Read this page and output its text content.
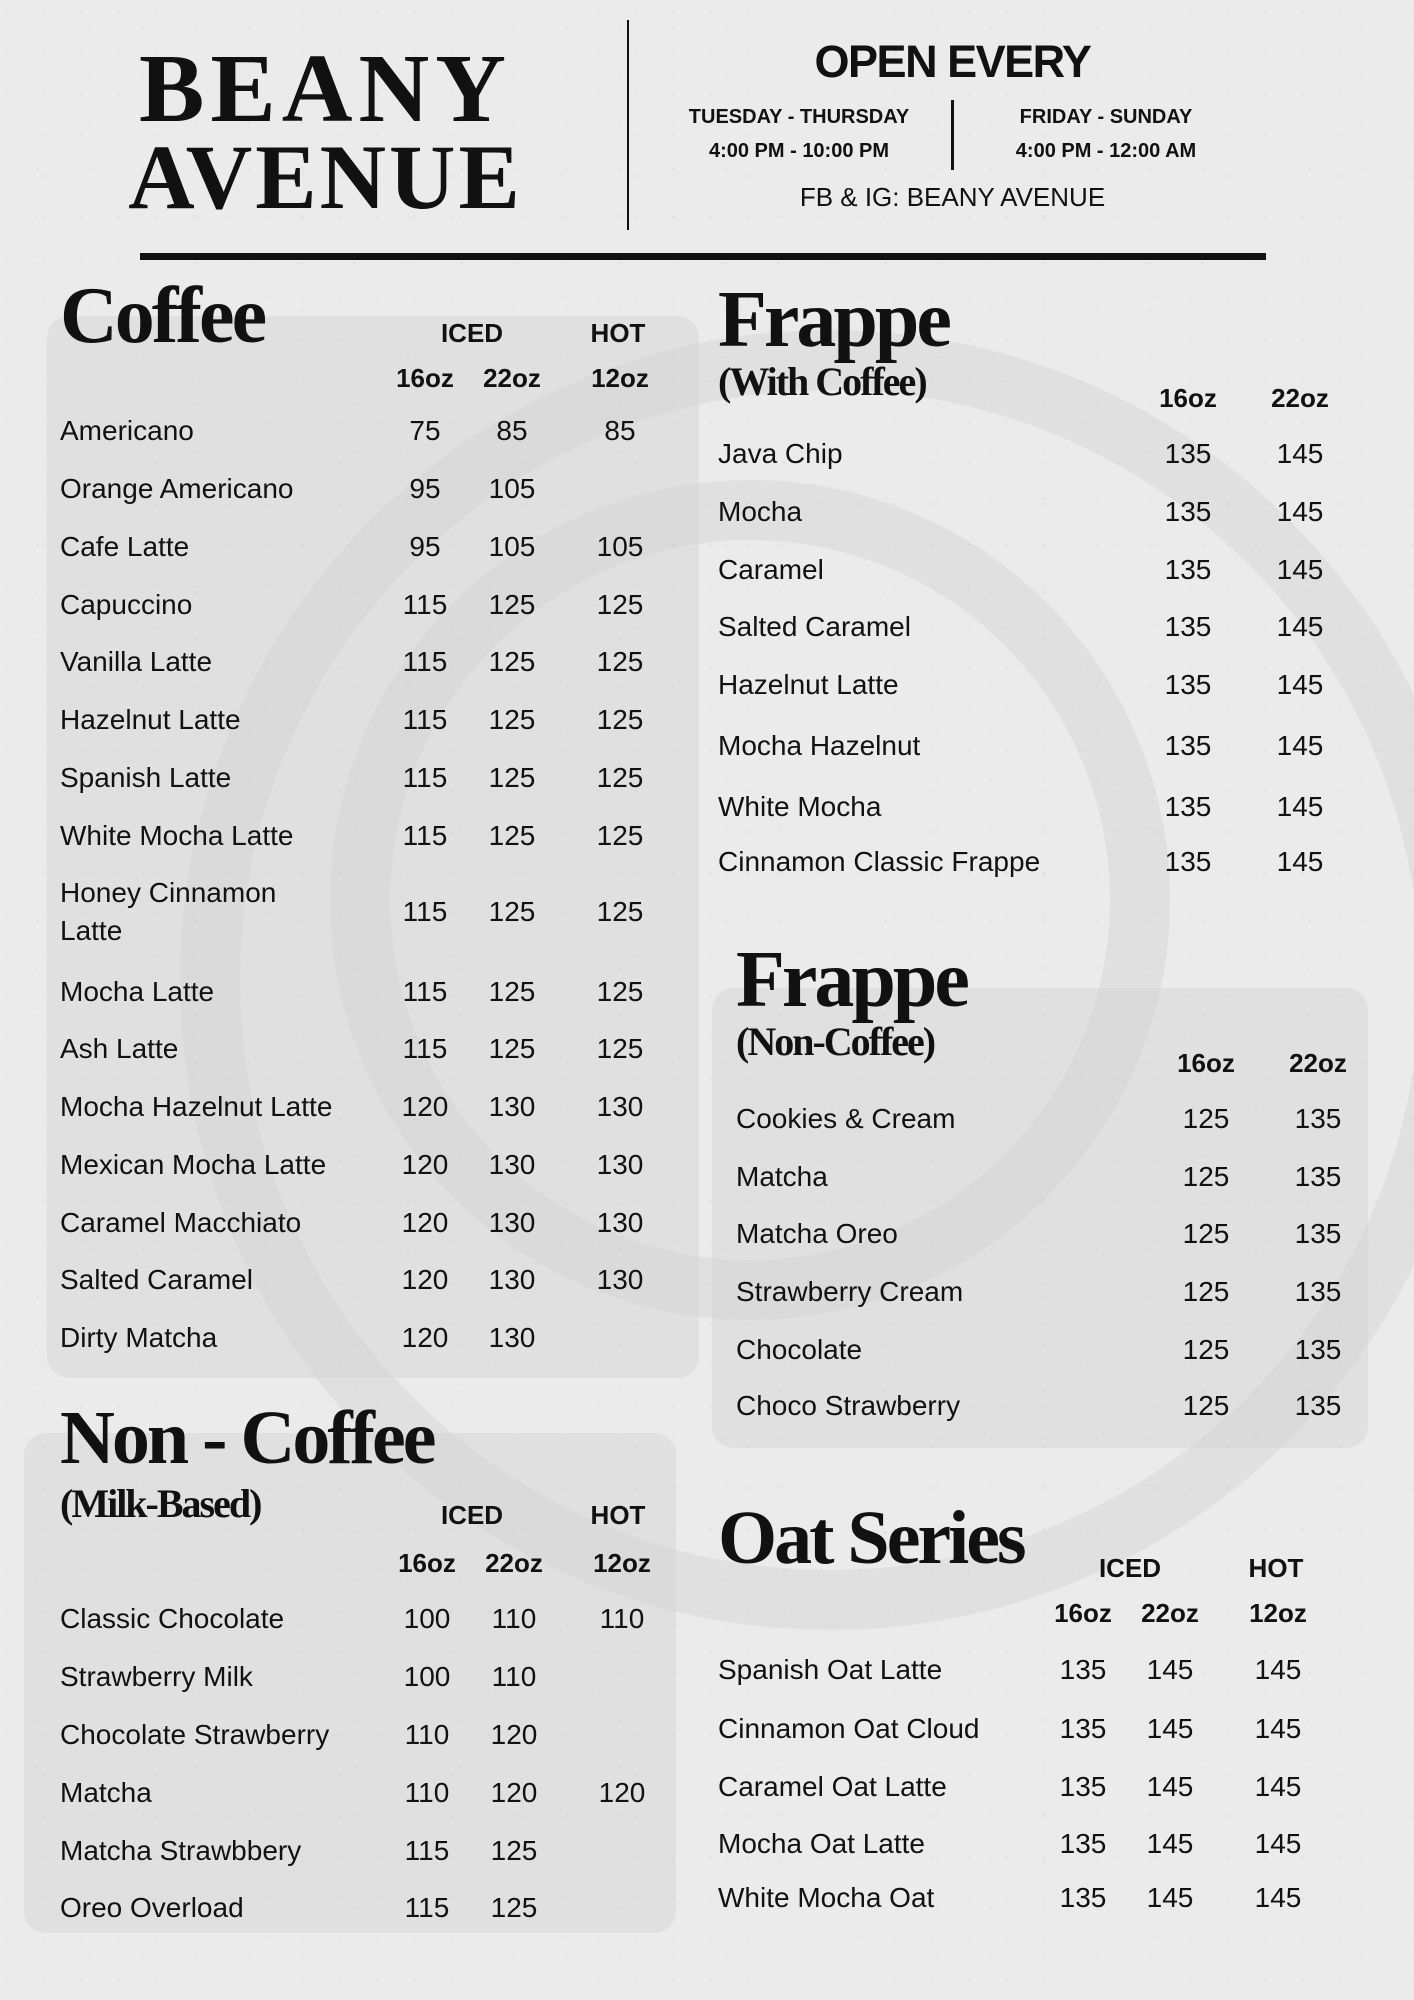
BEANY
AVENUE
OPEN EVERY
TUESDAY - THURSDAY
4:00 PM - 10:00 PM
FRIDAY - SUNDAY
4:00 PM - 12:00 AM
FB & IG: BEANY AVENUE
Coffee	ICED	HOT
16oz	22oz	12oz
Americano	75	85	85
Orange Americano	95	105
Cafe Latte	95	105	105
Capuccino	115	125	125
Vanilla Latte	115	125	125
Hazelnut Latte	115	125	125
Spanish Latte	115	125	125
White Mocha Latte	115	125	125
Honey Cinnamon
Latte
115	125	125
Mocha Latte	115	125	125
Ash Latte	115	125	125
Mocha Hazelnut Latte	120	130	130
Mexican Mocha Latte	120	130	130
Caramel Macchiato	120	130	130
Salted Caramel	120	130	130
Dirty Matcha	120	130
Non - Coffee
(Milk-Based)	ICED	HOT
16oz	22oz	12oz
Classic Chocolate	100	110	110
Strawberry Milk	100	110
Chocolate Strawberry	110	120
Matcha	110	120	120
Matcha Strawbbery	115	125
Oreo Overload	115	125
Frappe
(With Coffee)	16oz	22oz
Java Chip	135	145
Mocha	135	145
Caramel	135	145
Salted Caramel	135	145
Hazelnut Latte	135	145
Mocha Hazelnut	135	145
White Mocha	135	145
Cinnamon Classic Frappe	135	145
Frappe
(Non-Coffee)	16oz	22oz
Cookies & Cream	125	135
Matcha	125	135
Matcha Oreo	125	135
Strawberry Cream	125	135
Chocolate	125	135
Choco Strawberry	125	135
Oat Series	ICED	HOT
16oz	22oz	12oz
Spanish Oat Latte	135	145	145
Cinnamon Oat Cloud	135	145	145
Caramel Oat Latte	135	145	145
Mocha Oat Latte	135	145	145
White Mocha Oat	135	145	145
